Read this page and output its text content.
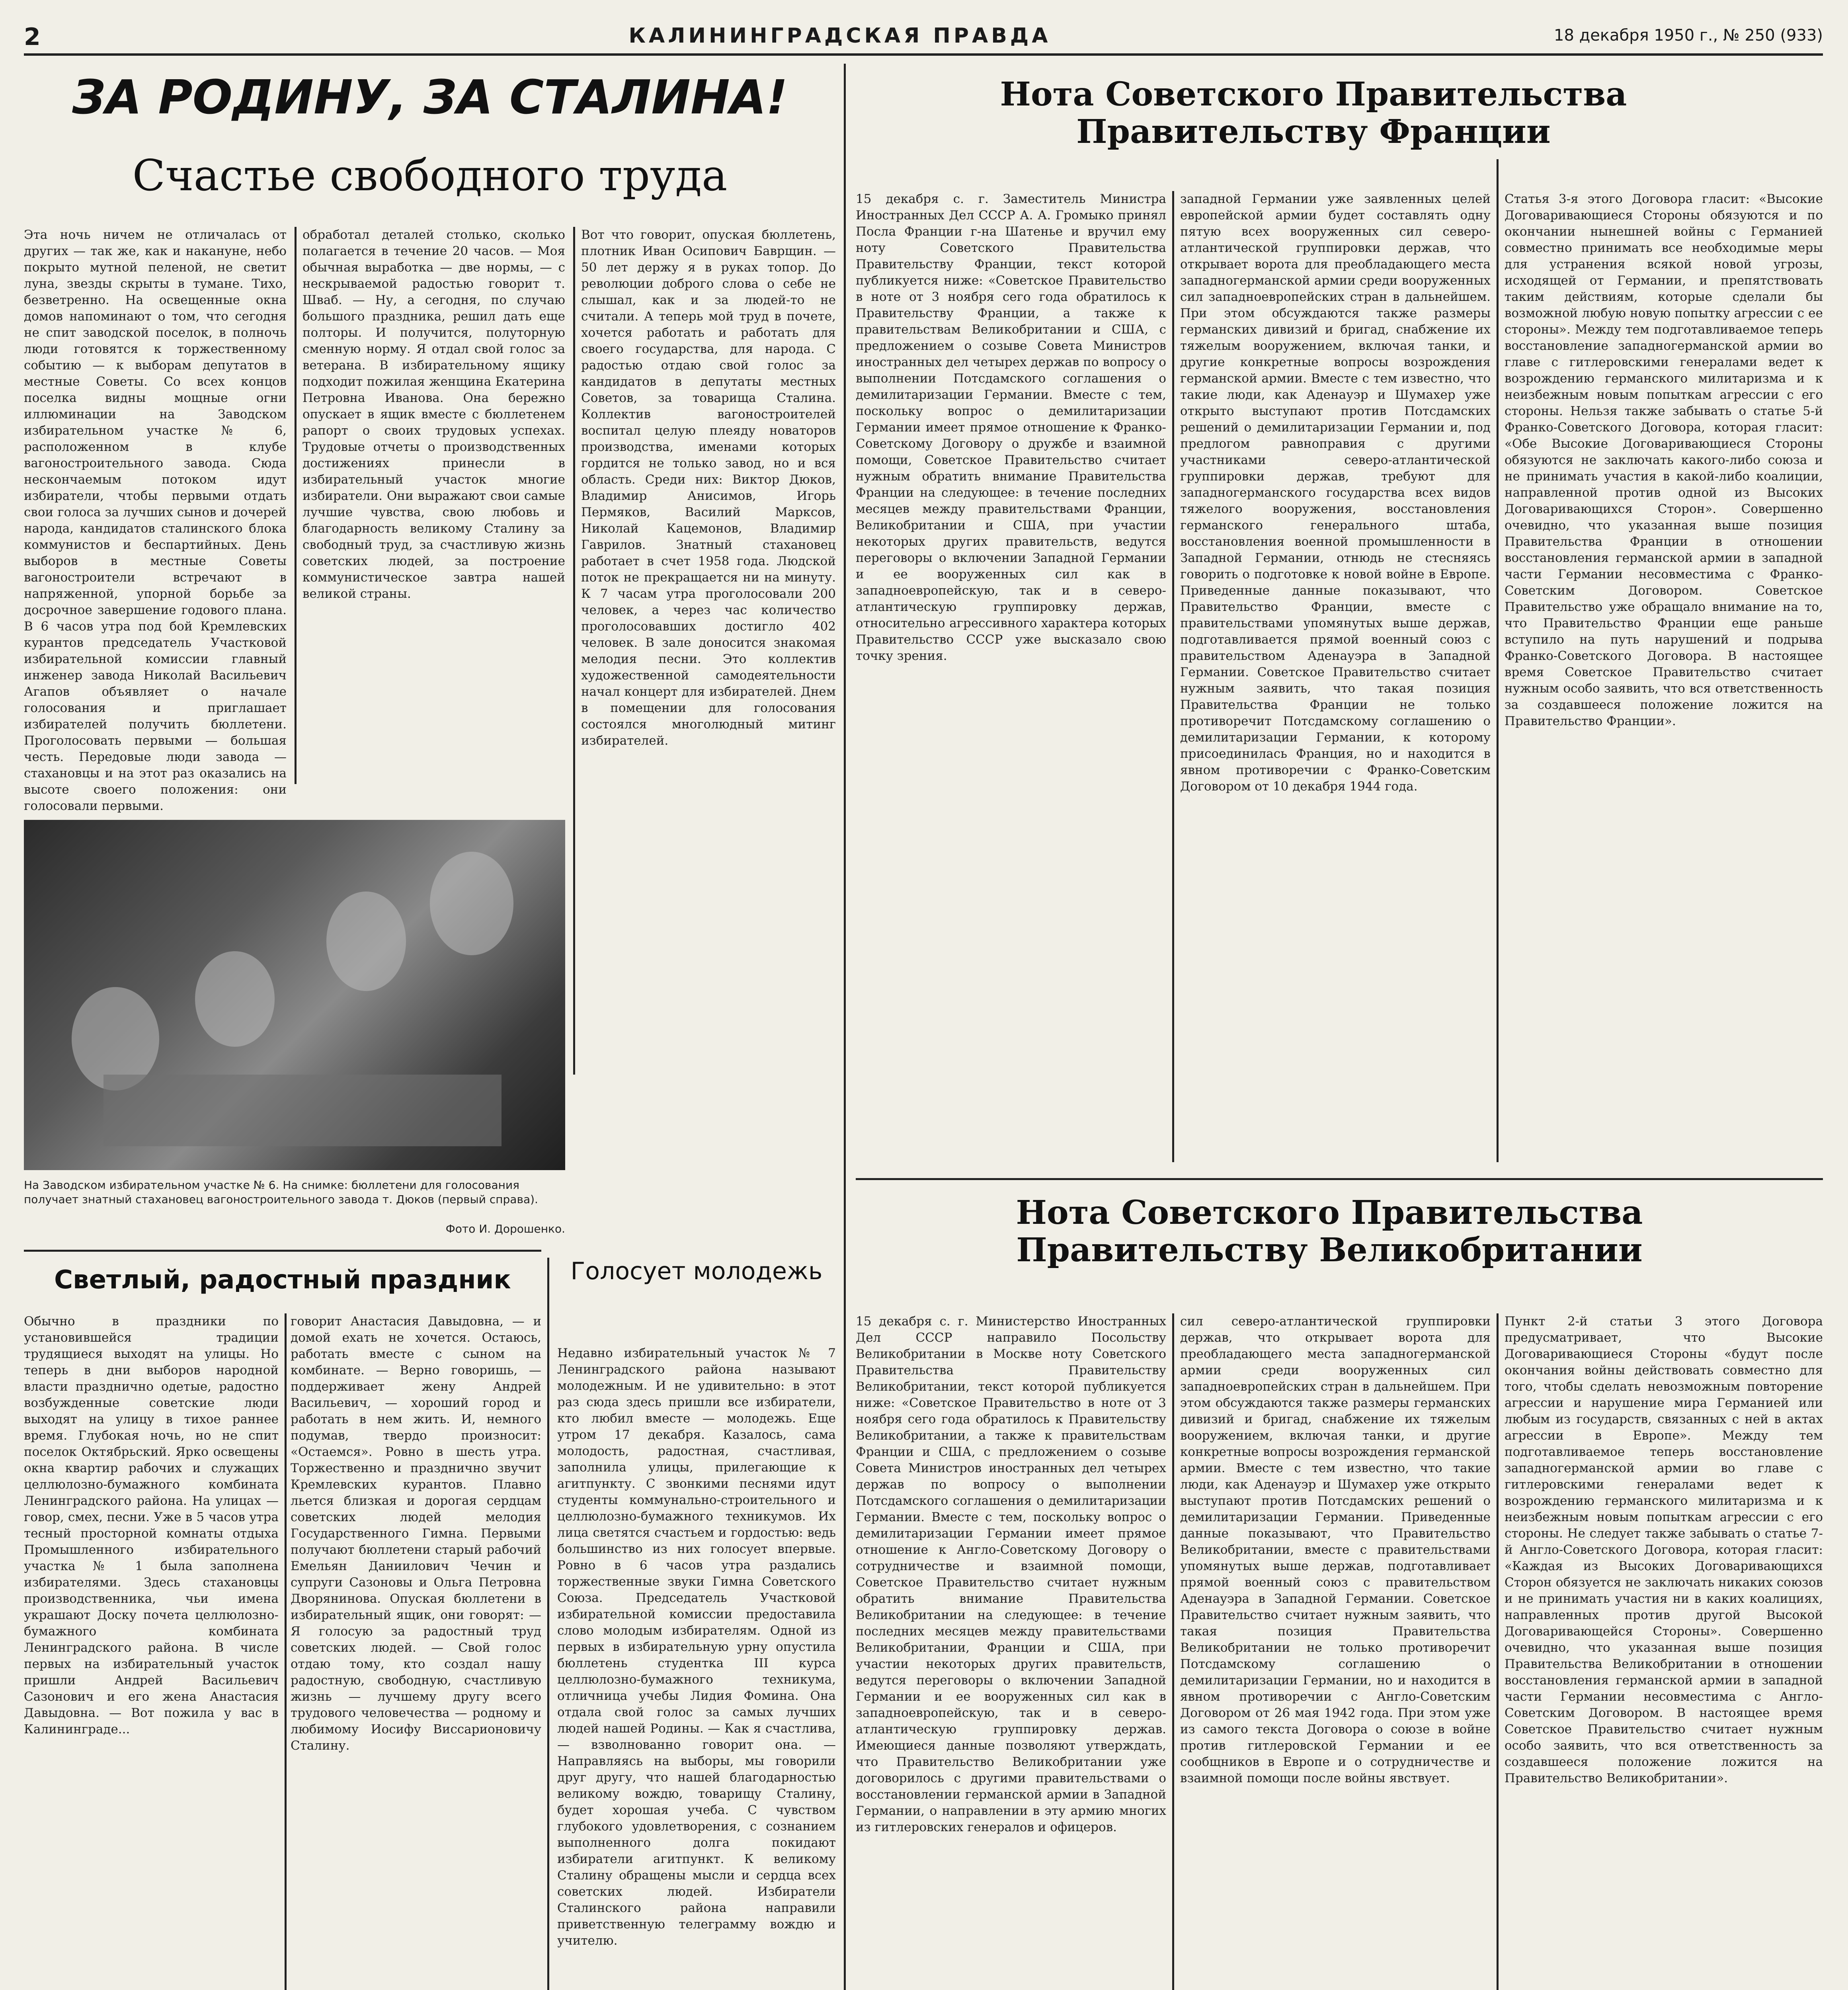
2	КАЛИНИНГРАДСКАЯ ПРАВДА	18 декабря 1950 г., № 250 (933)
ЗА РОДИНУ, ЗА СТАЛИНА!
Счастье свободного труда
Эта ночь ничем не отличалась от других — так же, как и накануне, небо покрыто мутной пеленой, не светит луна, звезды скрыты в тумане. Тихо, безветренно. На освещенные окна домов напоминают о том, что сегодня не спит заводской поселок, в полночь люди готовятся к торжественному событию — к выборам депутатов в местные Советы. Со всех концов поселка видны мощные огни иллюминации на Заводском избирательном участке № 6, расположенном в клубе вагоностроительного завода. Сюда нескончаемым потоком идут избиратели, чтобы первыми отдать свои голоса за лучших сынов и дочерей народа, кандидатов сталинского блока коммунистов и беспартийных. День выборов в местные Советы вагоностроители встречают в напряженной, упорной борьбе за досрочное завершение годового плана. В 6 часов утра под бой Кремлевских курантов председатель Участковой избирательной комиссии главный инженер завода Николай Васильевич Агапов объявляет о начале голосования и приглашает избирателей получить бюллетени. Проголосовать первыми — большая честь. Передовые люди завода — стахановцы и на этот раз оказались на высоте своего положения: они голосовали первыми.
обработал деталей столько, сколько полагается в течение 20 часов. — Моя обычная выработка — две нормы, — с нескрываемой радостью говорит т. Шваб. — Ну, а сегодня, по случаю большого праздника, решил дать еще полторы. И получится, полуторную сменную норму. Я отдал свой голос за ветерана. В избирательному ящику подходит пожилая женщина Екатерина Петровна Иванова. Она бережно опускает в ящик вместе с бюллетенем рапорт о своих трудовых успехах. Трудовые отчеты о производственных достижениях принесли в избирательный участок многие избиратели. Они выражают свои самые лучшие чувства, свою любовь и благодарность великому Сталину за свободный труд, за счастливую жизнь советских людей, за построение коммунистическое завтра нашей великой страны.
Вот что говорит, опуская бюллетень, плотник Иван Осипович Баврщин. — 50 лет держу я в руках топор. До революции доброго слова о себе не слышал, как и за людей-то не считали. А теперь мой труд в почете, хочется работать и работать для своего государства, для народа. С радостью отдаю свой голос за кандидатов в депутаты местных Советов, за товарища Сталина. Коллектив вагоностроителей воспитал целую плеяду новаторов производства, именами которых гордится не только завод, но и вся область. Среди них: Виктор Дюков, Владимир Анисимов, Игорь Пермяков, Василий Марксов, Николай Кацемонов, Владимир Гаврилов. Знатный стахановец работает в счет 1958 года. Людской поток не прекращается ни на минуту. К 7 часам утра проголосовали 200 человек, а через час количество проголосовавших достигло 402 человек. В зале доносится знакомая мелодия песни. Это коллектив художественной самодеятельности начал концерт для избирателей. Днем в помещении для голосования состоялся многолюдный митинг избирателей.
На Заводском избирательном участке № 6. На снимке: бюллетени для голосования получает знатный стахановец вагоностроительного завода т. Дюков (первый справа).
Фото И. Дорошенко.
Светлый, радостный праздник
Обычно в праздники по установившейся традиции трудящиеся выходят на улицы. Но теперь в дни выборов народной власти празднично одетые, радостно возбужденные советские люди выходят на улицу в тихое раннее время. Глубокая ночь, но не спит поселок Октябрьский. Ярко освещены окна квартир рабочих и служащих целлюлозно-бумажного комбината Ленинградского района. На улицах — говор, смех, песни. Уже в 5 часов утра тесный просторной комнаты отдыха Промышленного избирательного участка № 1 была заполнена избирателями. Здесь стахановцы производственника, чьи имена украшают Доску почета целлюлозно-бумажного комбината Ленинградского района. В числе первых на избирательный участок пришли Андрей Васильевич Сазонович и его жена Анастасия Давыдовна. — Вот пожила у вас в Калининграде...
говорит Анастасия Давыдовна, — и домой ехать не хочется. Остаюсь, работать вместе с сыном на комбинате. — Верно говоришь, — поддерживает жену Андрей Васильевич, — хороший город и работать в нем жить. И, немного подумав, твердо произносит: «Остаемся». Ровно в шесть утра. Торжественно и празднично звучит Кремлевских курантов. Плавно льется близкая и дорогая сердцам советских людей мелодия Государственного Гимна. Первыми получают бюллетени старый рабочий Емельян Даниилович Чечин и супруги Сазоновы и Ольга Петровна Дворянинова. Опуская бюллетени в избирательный ящик, они говорят: — Я голосую за радостный труд советских людей. — Свой голос отдаю тому, кто создал нашу радостную, свободную, счастливую жизнь — лучшему другу всего трудового человечества — родному и любимому Иосифу Виссарионовичу Сталину.
Голосует молодежь
Недавно избирательный участок № 7 Ленинградского района называют молодежным. И не удивительно: в этот раз сюда здесь пришли все избиратели, кто любил вместе — молодежь. Еще утром 17 декабря. Казалось, сама молодость, радостная, счастливая, заполнила улицы, прилегающие к агитпункту. С звонкими песнями идут студенты коммунально-строительного и целлюлозно-бумажного техникумов. Их лица светятся счастьем и гордостью: ведь большинство из них голосует впервые. Ровно в 6 часов утра раздались торжественные звуки Гимна Советского Союза. Председатель Участковой избирательной комиссии предоставила слово молодым избирателям. Одной из первых в избирательную урну опустила бюллетень студентка III курса целлюлозно-бумажного техникума, отличница учебы Лидия Фомина. Она отдала свой голос за самых лучших людей нашей Родины. — Как я счастлива, — взволнованно говорит она. — Направляясь на выборы, мы говорили друг другу, что нашей благодарностью великому вождю, товарищу Сталину, будет хорошая учеба. С чувством глубокого удовлетворения, с сознанием выполненного долга покидают избиратели агитпункт. К великому Сталину обращены мысли и сердца всех советских людей. Избиратели Сталинского района направили приветственную телеграмму вождю и учителю.
Нота Советского Правительства Правительству Франции
15 декабря с. г. Заместитель Министра Иностранных Дел СССР А. А. Громыко принял Посла Франции г-на Шатенье и вручил ему ноту Советского Правительства Правительству Франции, текст которой публикуется ниже: «Советское Правительство в ноте от 3 ноября сего года обратилось к Правительству Франции, а также к правительствам Великобритании и США, с предложением о созыве Совета Министров иностранных дел четырех держав по вопросу о выполнении Потсдамского соглашения о демилитаризации Германии. Вместе с тем, поскольку вопрос о демилитаризации Германии имеет прямое отношение к Франко-Советскому Договору о дружбе и взаимной помощи, Советское Правительство считает нужным обратить внимание Правительства Франции на следующее: в течение последних месяцев между правительствами Франции, Великобритании и США, при участии некоторых других правительств, ведутся переговоры о включении Западной Германии и ее вооруженных сил как в западноевропейскую, так и в северо-атлантическую группировку держав, относительно агрессивного характера которых Правительство СССР уже высказало свою точку зрения.
западной Германии уже заявленных целей европейской армии будет составлять одну пятую всех вооруженных сил северо-атлантической группировки держав, что открывает ворота для преобладающего места западногерманской армии среди вооруженных сил западноевропейских стран в дальнейшем. При этом обсуждаются также размеры германских дивизий и бригад, снабжение их тяжелым вооружением, включая танки, и другие конкретные вопросы возрождения германской армии. Вместе с тем известно, что такие люди, как Аденауэр и Шумахер уже открыто выступают против Потсдамских решений о демилитаризации Германии и, под предлогом равноправия с другими участниками северо-атлантической группировки держав, требуют для западногерманского государства всех видов тяжелого вооружения, восстановления германского генерального штаба, восстановления военной промышленности в Западной Германии, отнюдь не стесняясь говорить о подготовке к новой войне в Европе. Приведенные данные показывают, что Правительство Франции, вместе с правительствами упомянутых выше держав, подготавливается прямой военный союз с правительством Аденауэра в Западной Германии. Советское Правительство считает нужным заявить, что такая позиция Правительства Франции не только противоречит Потсдамскому соглашению о демилитаризации Германии, к которому присоединилась Франция, но и находится в явном противоречии с Франко-Советским Договором от 10 декабря 1944 года.
Статья 3-я этого Договора гласит: «Высокие Договаривающиеся Стороны обязуются и по окончании нынешней войны с Германией совместно принимать все необходимые меры для устранения всякой новой угрозы, исходящей от Германии, и препятствовать таким действиям, которые сделали бы возможной любую новую попытку агрессии с ее стороны». Между тем подготавливаемое теперь восстановление западногерманской армии во главе с гитлеровскими генералами ведет к возрождению германского милитаризма и к неизбежным новым попыткам агрессии с его стороны. Нельзя также забывать о статье 5-й Франко-Советского Договора, которая гласит: «Обе Высокие Договаривающиеся Стороны обязуются не заключать какого-либо союза и не принимать участия в какой-либо коалиции, направленной против одной из Высоких Договаривающихся Сторон». Совершенно очевидно, что указанная выше позиция Правительства Франции в отношении восстановления германской армии в западной части Германии несовместима с Франко-Советским Договором. Советское Правительство уже обращало внимание на то, что Правительство Франции еще раньше вступило на путь нарушений и подрыва Франко-Советского Договора. В настоящее время Советское Правительство считает нужным особо заявить, что вся ответственность за создавшееся положение ложится на Правительство Франции».
Нота Советского Правительства Правительству Великобритании
15 декабря с. г. Министерство Иностранных Дел СССР направило Посольству Великобритании в Москве ноту Советского Правительства Правительству Великобритании, текст которой публикуется ниже: «Советское Правительство в ноте от 3 ноября сего года обратилось к Правительству Великобритании, а также к правительствам Франции и США, с предложением о созыве Совета Министров иностранных дел четырех держав по вопросу о выполнении Потсдамского соглашения о демилитаризации Германии. Вместе с тем, поскольку вопрос о демилитаризации Германии имеет прямое отношение к Англо-Советскому Договору о сотрудничестве и взаимной помощи, Советское Правительство считает нужным обратить внимание Правительства Великобритании на следующее: в течение последних месяцев между правительствами Великобритании, Франции и США, при участии некоторых других правительств, ведутся переговоры о включении Западной Германии и ее вооруженных сил как в западноевропейскую, так и в северо-атлантическую группировку держав. Имеющиеся данные позволяют утверждать, что Правительство Великобритании уже договорилось с другими правительствами о восстановлении германской армии в Западной Германии, о направлении в эту армию многих из гитлеровских генералов и офицеров.
сил северо-атлантической группировки держав, что открывает ворота для преобладающего места западногерманской армии среди вооруженных сил западноевропейских стран в дальнейшем. При этом обсуждаются также размеры германских дивизий и бригад, снабжение их тяжелым вооружением, включая танки, и другие конкретные вопросы возрождения германской армии. Вместе с тем известно, что такие люди, как Аденауэр и Шумахер уже открыто выступают против Потсдамских решений о демилитаризации Германии. Приведенные данные показывают, что Правительство Великобритании, вместе с правительствами упомянутых выше держав, подготавливает прямой военный союз с правительством Аденауэра в Западной Германии. Советское Правительство считает нужным заявить, что такая позиция Правительства Великобритании не только противоречит Потсдамскому соглашению о демилитаризации Германии, но и находится в явном противоречии с Англо-Советским Договором от 26 мая 1942 года. При этом уже из самого текста Договора о союзе в войне против гитлеровской Германии и ее сообщников в Европе и о сотрудничестве и взаимной помощи после войны явствует.
Пункт 2-й статьи 3 этого Договора предусматривает, что Высокие Договаривающиеся Стороны «будут после окончания войны действовать совместно для того, чтобы сделать невозможным повторение агрессии и нарушение мира Германией или любым из государств, связанных с ней в актах агрессии в Европе». Между тем подготавливаемое теперь восстановление западногерманской армии во главе с гитлеровскими генералами ведет к возрождению германского милитаризма и к неизбежным новым попыткам агрессии с его стороны. Не следует также забывать о статье 7-й Англо-Советского Договора, которая гласит: «Каждая из Высоких Договаривающихся Сторон обязуется не заключать никаких союзов и не принимать участия ни в каких коалициях, направленных против другой Высокой Договаривающейся Стороны». Совершенно очевидно, что указанная выше позиция Правительства Великобритании в отношении восстановления германской армии в западной части Германии несовместима с Англо-Советским Договором. В настоящее время Советское Правительство считает нужным особо заявить, что вся ответственность за создавшееся положение ложится на Правительство Великобритании».
